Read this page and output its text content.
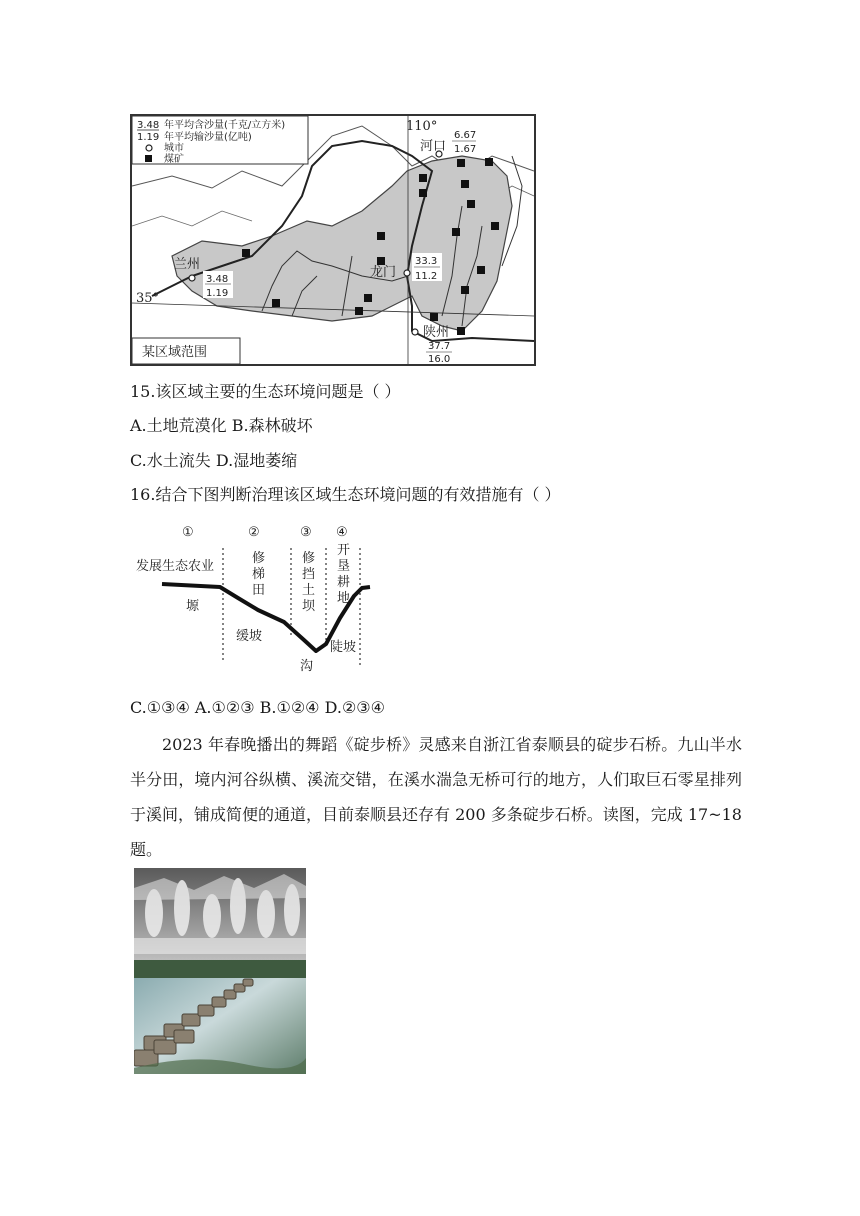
3.48 年平均含沙量(千克/立方米)
1.19 年平均输沙量(亿吨)
城市
煤矿
某区域范围
110°
35°
河口
6.67
1.67
兰州
3.48
1.19
龙门
33.3
11.2
陕州
37.7
16.0
15.该区域主要的生态环境问题是（ ）
A.土地荒漠化 B.森林破坏
C.水土流失 D.湿地萎缩
16.结合下图判断治理该区域生态环境问题的有效措施有（ ）
①	②	③ ④
发展生态农业
修
梯
田
修
挡
土
坝
开
垦
耕
地
塬
缓坡
沟
陡坡
C.①③④ A.①②③ B.①②④ D.②③④
2023 年春晚播出的舞蹈《碇步桥》灵感来自浙江省泰顺县的碇步石桥。九山半水半分田，境内河谷纵横、溪流交错，在溪水湍急无桥可行的地方，人们取巨石零星排列于溪间，铺成简便的通道，目前泰顺县还存有 200 多条碇步石桥。读图，完成 17~18 题。
